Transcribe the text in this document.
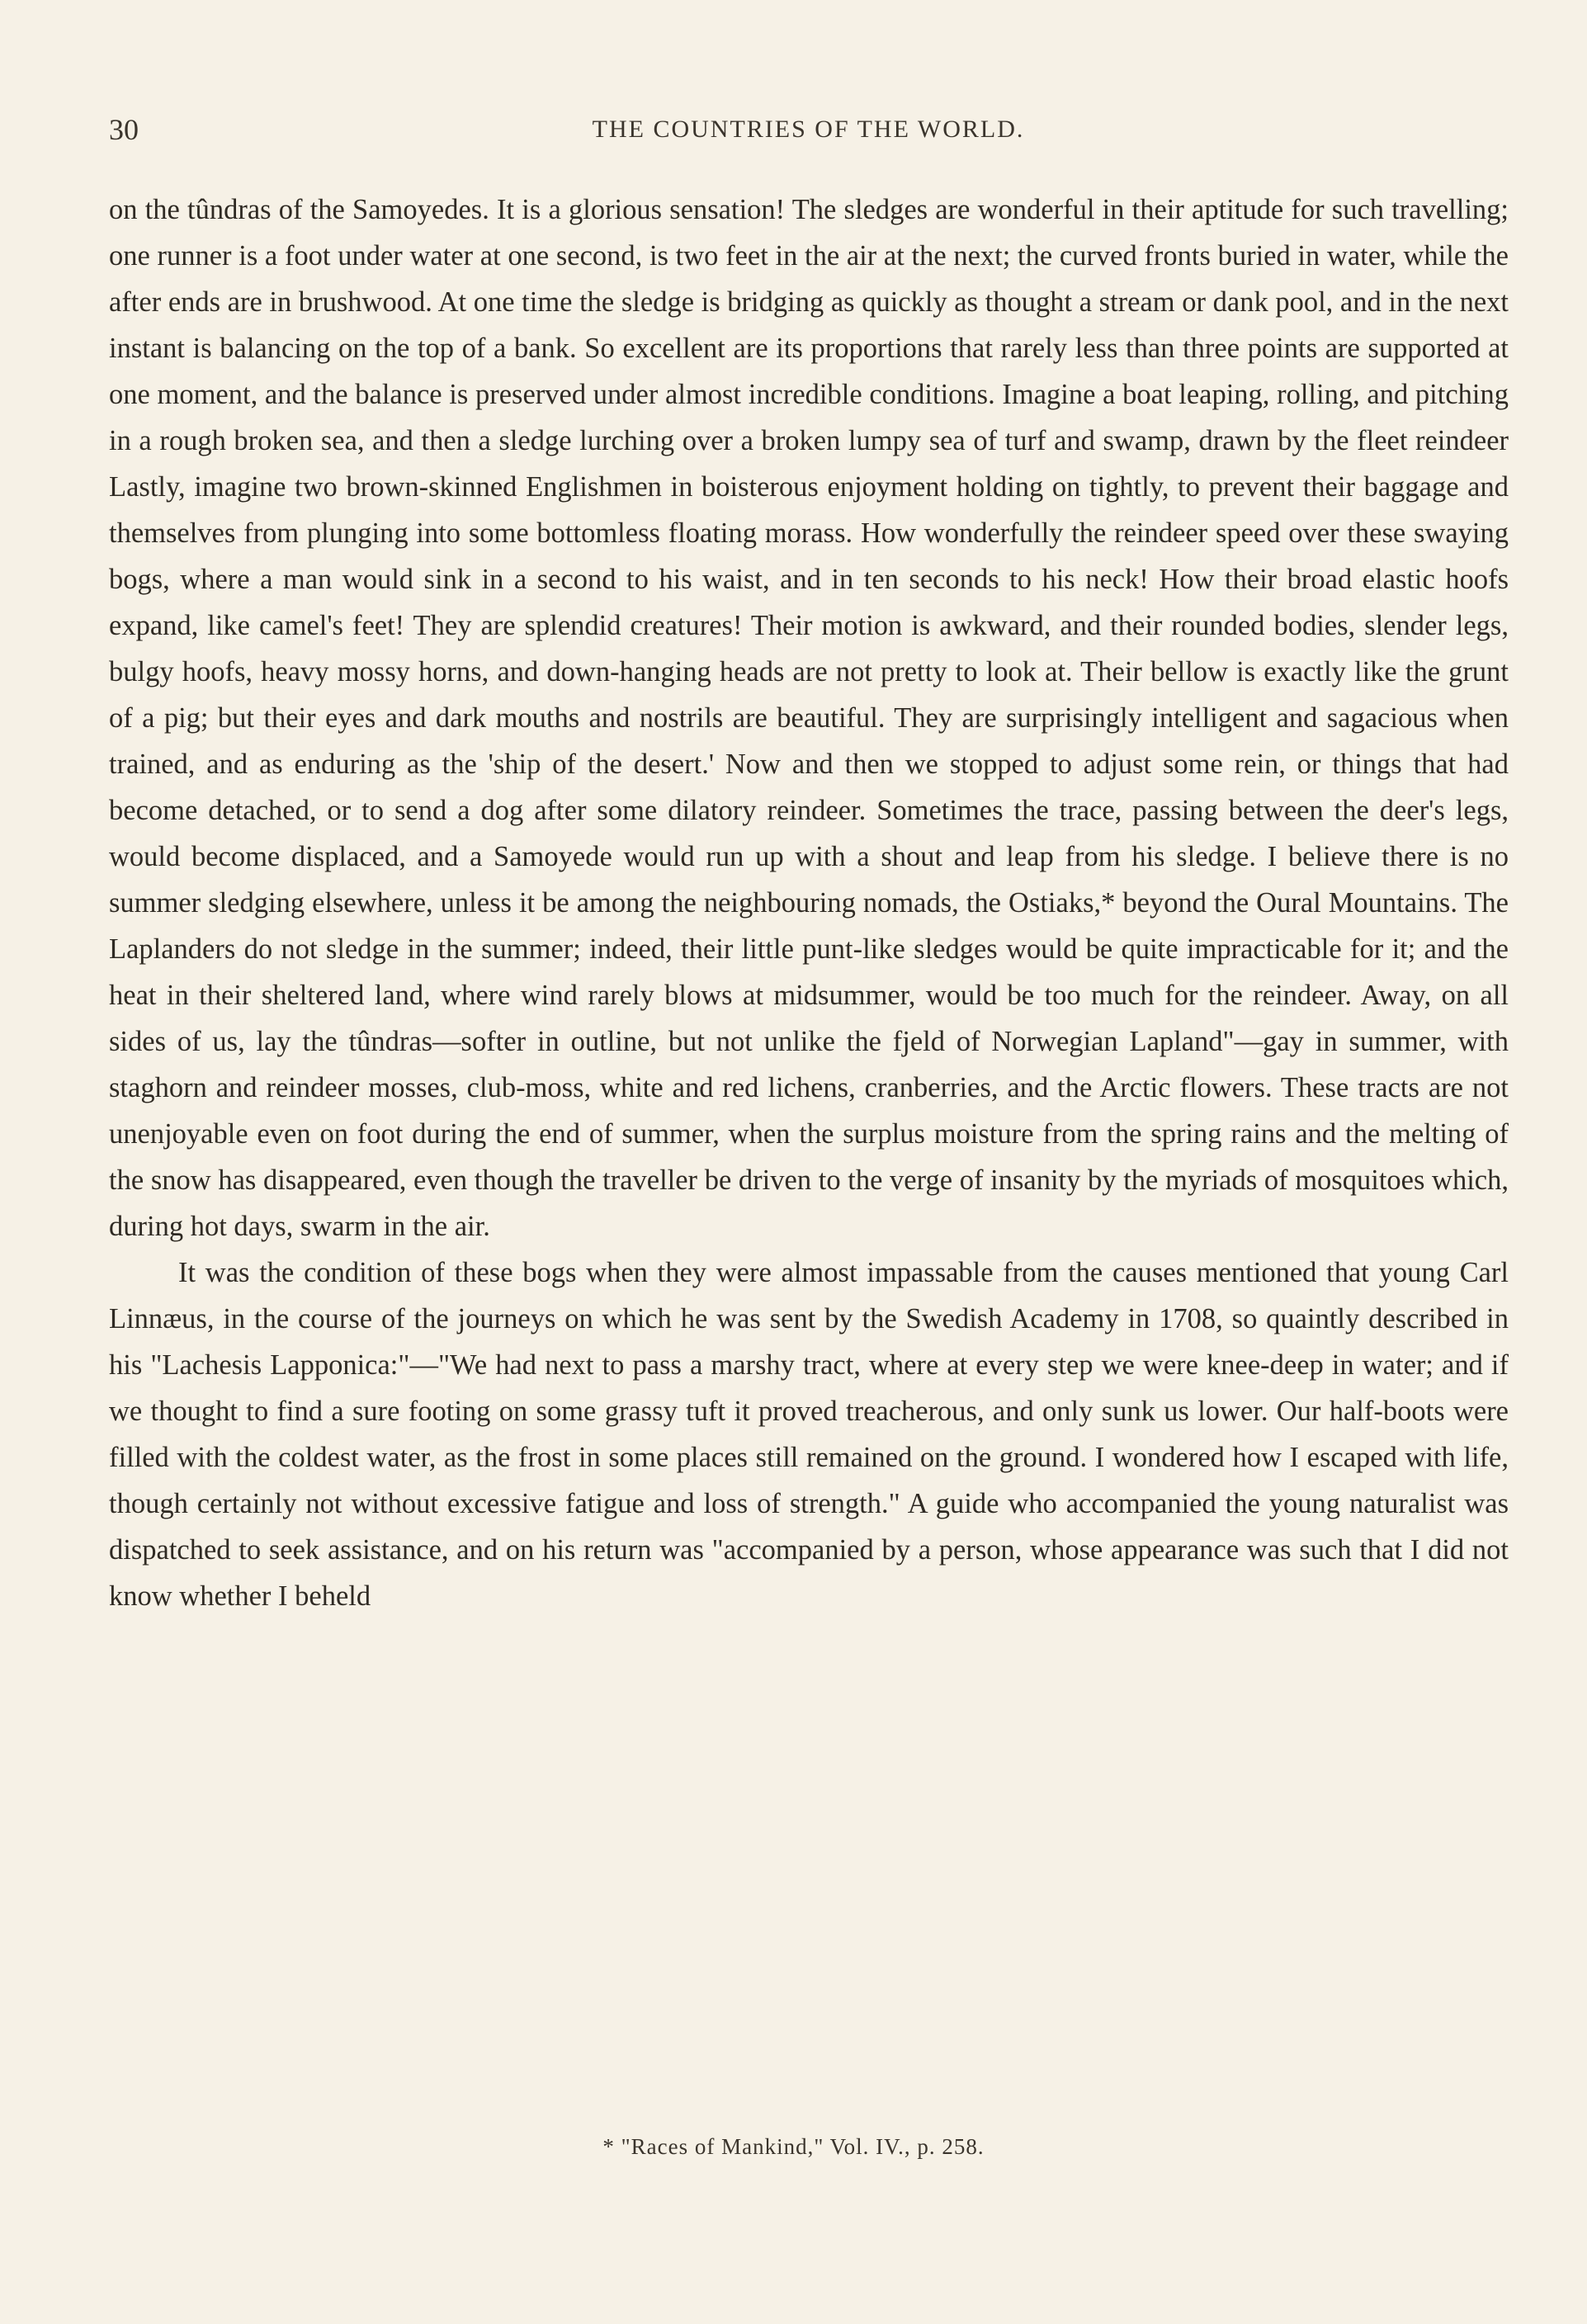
30	THE COUNTRIES OF THE WORLD.

on the tûndras of the Samoyedes. It is a glorious sensation! The sledges are wonderful in their aptitude for such travelling; one runner is a foot under water at one second, is two feet in the air at the next; the curved fronts buried in water, while the after ends are in brushwood. At one time the sledge is bridging as quickly as thought a stream or dank pool, and in the next instant is balancing on the top of a bank. So excellent are its proportions that rarely less than three points are supported at one moment, and the balance is preserved under almost incredible conditions. Imagine a boat leaping, rolling, and pitching in a rough broken sea, and then a sledge lurching over a broken lumpy sea of turf and swamp, drawn by the fleet reindeer Lastly, imagine two brown-skinned Englishmen in boisterous enjoyment holding on tightly, to prevent their baggage and themselves from plunging into some bottomless floating morass. How wonderfully the reindeer speed over these swaying bogs, where a man would sink in a second to his waist, and in ten seconds to his neck! How their broad elastic hoofs expand, like camel's feet! They are splendid creatures! Their motion is awkward, and their rounded bodies, slender legs, bulgy hoofs, heavy mossy horns, and down-hanging heads are not pretty to look at. Their bellow is exactly like the grunt of a pig; but their eyes and dark mouths and nostrils are beautiful. They are surprisingly intelligent and sagacious when trained, and as enduring as the 'ship of the desert.' Now and then we stopped to adjust some rein, or things that had become detached, or to send a dog after some dilatory reindeer. Sometimes the trace, passing between the deer's legs, would become displaced, and a Samoyede would run up with a shout and leap from his sledge. I believe there is no summer sledging elsewhere, unless it be among the neighbouring nomads, the Ostiaks,* beyond the Oural Mountains. The Laplanders do not sledge in the summer; indeed, their little punt-like sledges would be quite impracticable for it; and the heat in their sheltered land, where wind rarely blows at midsummer, would be too much for the reindeer. Away, on all sides of us, lay the tûndras—softer in outline, but not unlike the fjeld of Norwegian Lapland"—gay in summer, with staghorn and reindeer mosses, club-moss, white and red lichens, cranberries, and the Arctic flowers. These tracts are not unenjoyable even on foot during the end of summer, when the surplus moisture from the spring rains and the melting of the snow has disappeared, even though the traveller be driven to the verge of insanity by the myriads of mosquitoes which, during hot days, swarm in the air.

It was the condition of these bogs when they were almost impassable from the causes mentioned that young Carl Linnæus, in the course of the journeys on which he was sent by the Swedish Academy in 1708, so quaintly described in his "Lachesis Lapponica:"—"We had next to pass a marshy tract, where at every step we were knee-deep in water; and if we thought to find a sure footing on some grassy tuft it proved treacherous, and only sunk us lower. Our half-boots were filled with the coldest water, as the frost in some places still remained on the ground. I wondered how I escaped with life, though certainly not without excessive fatigue and loss of strength." A guide who accompanied the young naturalist was dispatched to seek assistance, and on his return was "accompanied by a person, whose appearance was such that I did not know whether I beheld

* "Races of Mankind," Vol. IV., p. 258.
